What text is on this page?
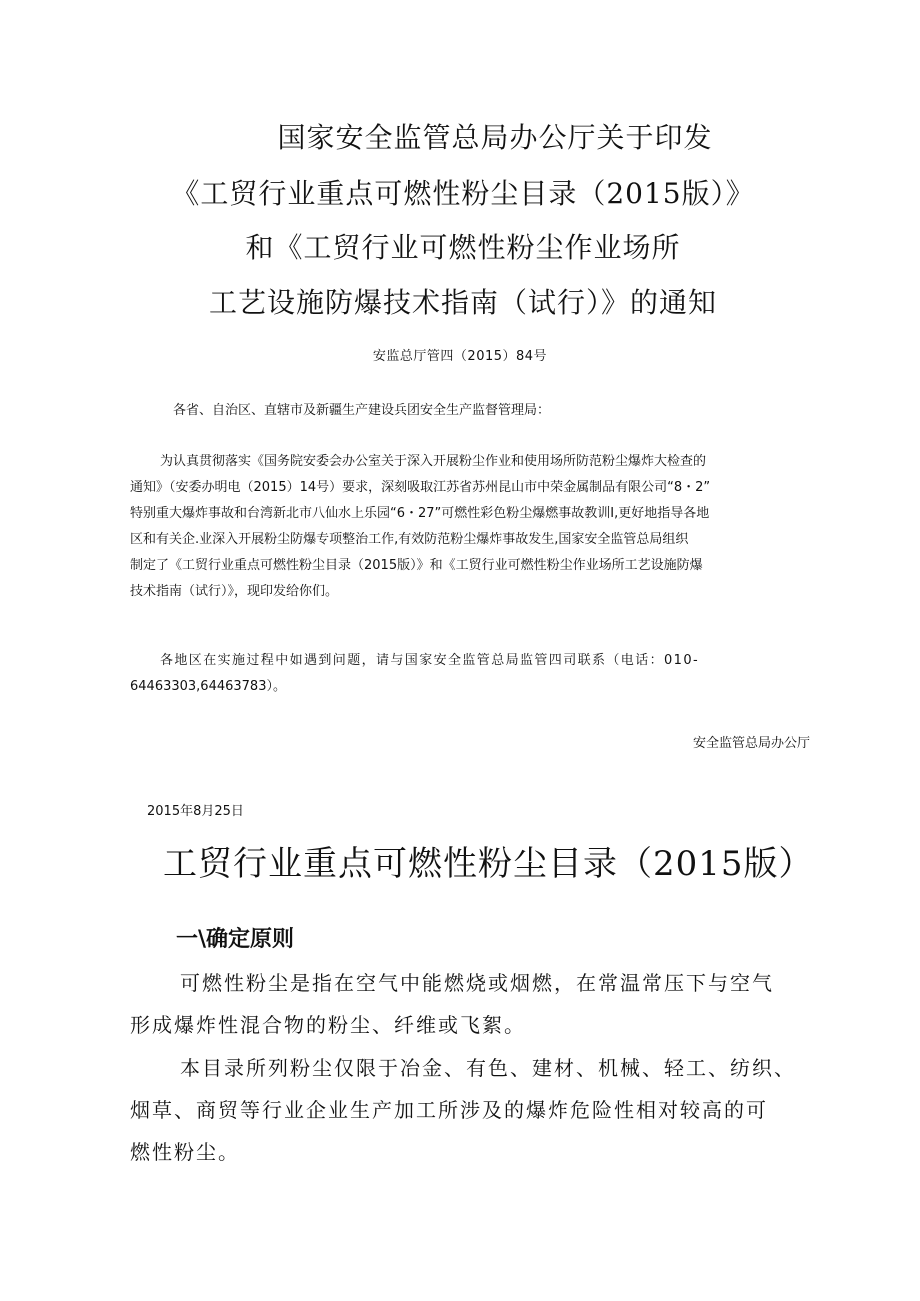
国家安全监管总局办公厅关于印发
《工贸行业重点可燃性粉尘目录（2015版）》
和《工贸行业可燃性粉尘作业场所
工艺设施防爆技术指南（试行）》的通知
安监总厅管四（2015）84号
各省、自治区、直辖市及新疆生产建设兵团安全生产监督管理局：
为认真贯彻落实《国务院安委会办公室关于深入开展粉尘作业和使用场所防范粉尘爆炸大检查的
通知》（安委办明电（2015）14号）要求，深刻吸取江苏省苏州昆山市中荣金属制品有限公司“8・2”
特别重大爆炸事故和台湾新北市八仙水上乐园“6・27”可燃性彩色粉尘爆燃事故教训I,更好地指导各地
区和有关企.业深入开展粉尘防爆专项整治工作,有效防范粉尘爆炸事故发生,国家安全监管总局组织
制定了《工贸行业重点可燃性粉尘目录（2015版）》和《工贸行业可燃性粉尘作业场所工艺设施防爆
技术指南（试行）》，现印发给你们。
各地区在实施过程中如遇到问题，请与国家安全监管总局监管四司联系（电话：010-
64463303,64463783）。
安全监管总局办公厅
2015年8月25日
工贸行业重点可燃性粉尘目录（2015版）
一\确定原则
可燃性粉尘是指在空气中能燃烧或烟燃，在常温常压下与空气
形成爆炸性混合物的粉尘、纤维或飞絮。
本目录所列粉尘仅限于冶金、有色、建材、机械、轻工、纺织、
烟草、商贸等行业企业生产加工所涉及的爆炸危险性相对较高的可
燃性粉尘。
